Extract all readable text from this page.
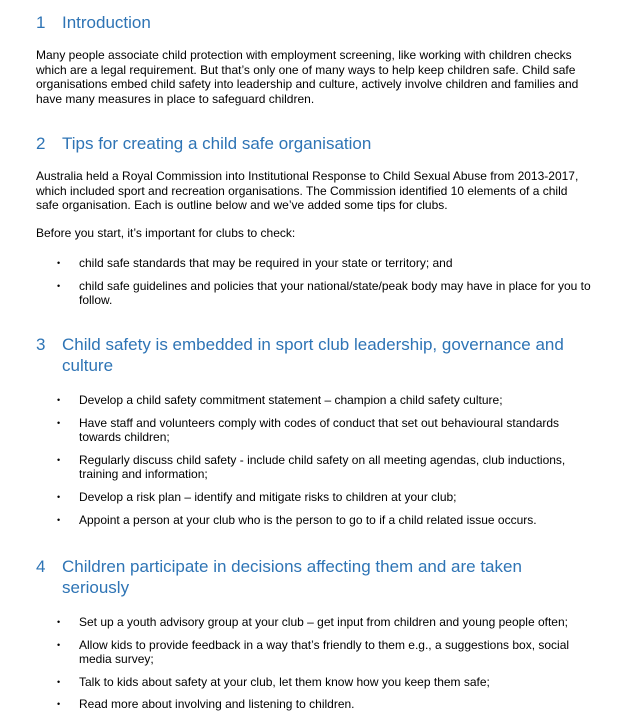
1 Introduction

Many people associate child protection with employment screening, like working with children checks which are a legal requirement. But that’s only one of many ways to help keep children safe. Child safe organisations embed child safety into leadership and culture, actively involve children and families and have many measures in place to safeguard children.

2 Tips for creating a child safe organisation

Australia held a Royal Commission into Institutional Response to Child Sexual Abuse from 2013-2017, which included sport and recreation organisations. The Commission identified 10 elements of a child safe organisation. Each is outline below and we’ve added some tips for clubs.

Before you start, it’s important for clubs to check:

• child safe standards that may be required in your state or territory; and
• child safe guidelines and policies that your national/state/peak body may have in place for you to follow.
3 Child safety is embedded in sport club leadership, governance and culture
• Develop a child safety commitment statement – champion a child safety culture;
• Have staff and volunteers comply with codes of conduct that set out behavioural standards towards children;
• Regularly discuss child safety - include child safety on all meeting agendas, club inductions, training and information;
• Develop a risk plan – identify and mitigate risks to children at your club;
• Appoint a person at your club who is the person to go to if a child related issue occurs.
4 Children participate in decisions affecting them and are taken seriously
• Set up a youth advisory group at your club – get input from children and young people often;
• Allow kids to provide feedback in a way that’s friendly to them e.g., a suggestions box, social media survey;
• Talk to kids about safety at your club, let them know how you keep them safe;
• Read more about involving and listening to children.
